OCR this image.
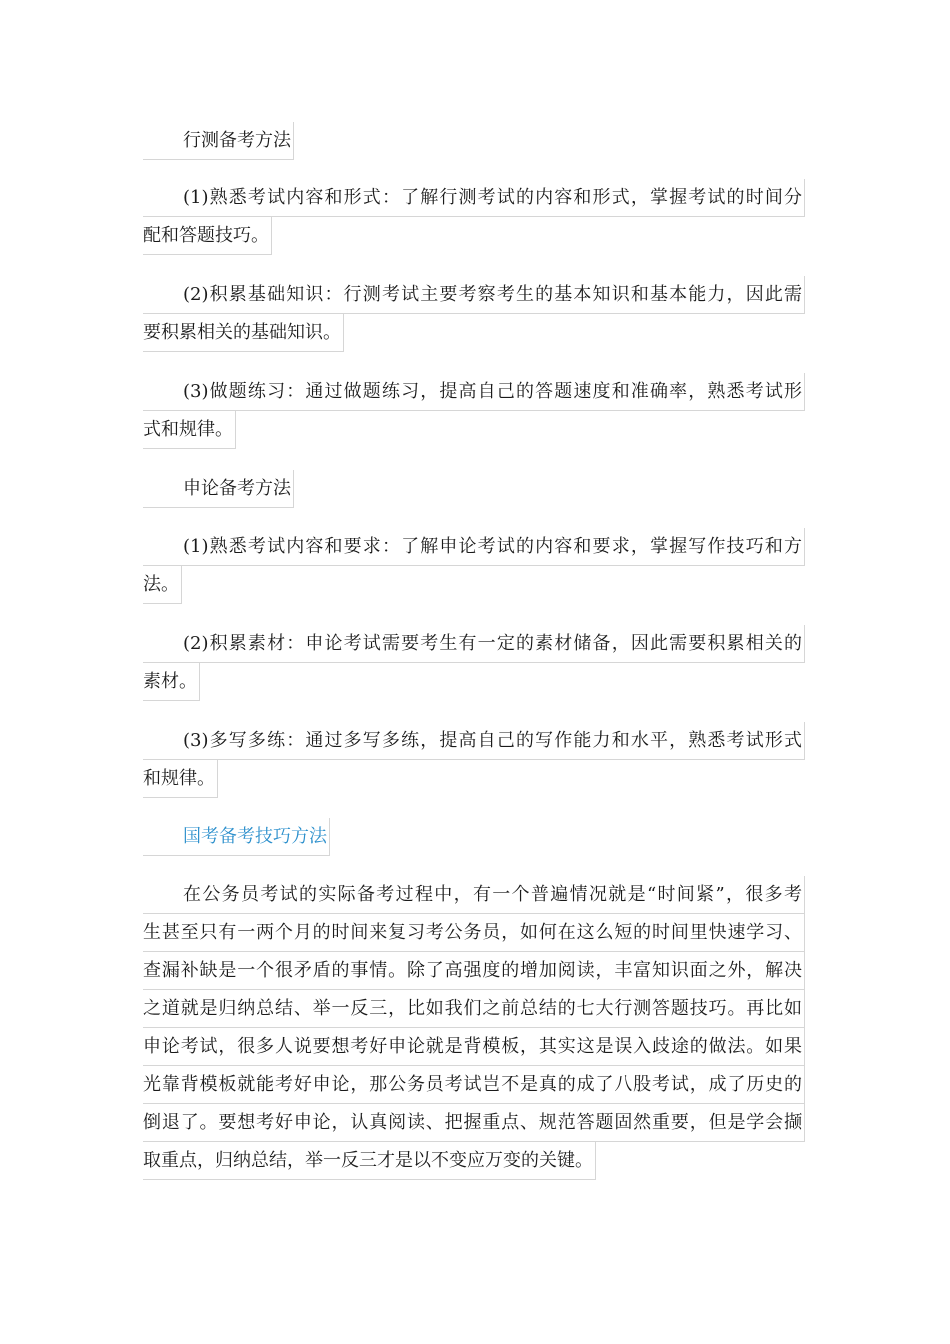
行测备考方法
(1)熟悉考试内容和形式：了解行测考试的内容和形式，掌握考试的时间分
配和答题技巧。
(2)积累基础知识：行测考试主要考察考生的基本知识和基本能力，因此需
要积累相关的基础知识。
(3)做题练习：通过做题练习，提高自己的答题速度和准确率，熟悉考试形
式和规律。
申论备考方法
(1)熟悉考试内容和要求：了解申论考试的内容和要求，掌握写作技巧和方
法。
(2)积累素材：申论考试需要考生有一定的素材储备，因此需要积累相关的
素材。
(3)多写多练：通过多写多练，提高自己的写作能力和水平，熟悉考试形式
和规律。
国考备考技巧方法
在公务员考试的实际备考过程中，有一个普遍情况就是“时间紧”，很多考
生甚至只有一两个月的时间来复习考公务员，如何在这么短的时间里快速学习、
查漏补缺是一个很矛盾的事情。除了高强度的增加阅读，丰富知识面之外，解决
之道就是归纳总结、举一反三，比如我们之前总结的七大行测答题技巧。再比如
申论考试，很多人说要想考好申论就是背模板，其实这是误入歧途的做法。如果
光靠背模板就能考好申论，那公务员考试岂不是真的成了八股考试，成了历史的
倒退了。要想考好申论，认真阅读、把握重点、规范答题固然重要，但是学会撷
取重点，归纳总结，举一反三才是以不变应万变的关键。
